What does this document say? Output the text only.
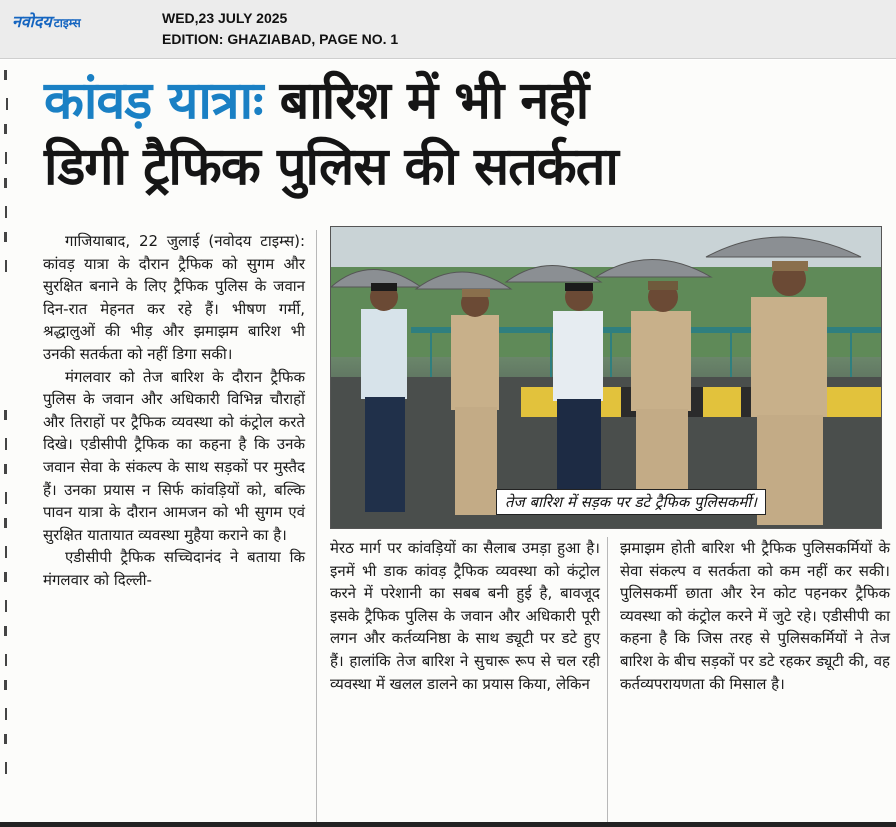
नवोदय टाइम्स	WED,23 JULY 2025
EDITION: GHAZIABAD, PAGE NO. 1
कांवड़ यात्राः बारिश में भी नहीं
डिगी ट्रैफिक पुलिस की सतर्कता

गाजियाबाद, 22 जुलाई (नवोदय टाइम्स): कांवड़ यात्रा के दौरान ट्रैफिक को सुगम और सुरक्षित बनाने के लिए ट्रैफिक पुलिस के जवान दिन-रात मेहनत कर रहे हैं। भीषण गर्मी, श्रद्धालुओं की भीड़ और झमाझम बारिश भी उनकी सतर्कता को नहीं डिगा सकी।

मंगलवार को तेज बारिश के दौरान ट्रैफिक पुलिस के जवान और अधिकारी विभिन्न चौराहों और तिराहों पर ट्रैफिक व्यवस्था को कंट्रोल करते दिखे। एडीसीपी ट्रैफिक का कहना है कि उनके जवान सेवा के संकल्प के साथ सड़कों पर मुस्तैद हैं। उनका प्रयास न सिर्फ कांवड़ियों को, बल्कि पावन यात्रा के दौरान आमजन को भी सुगम एवं सुरक्षित यातायात व्यवस्था मुहैया कराने का है।

एडीसीपी ट्रैफिक सच्चिदानंद ने बताया कि मंगलवार को दिल्ली-

तेज बारिश में सड़क पर डटे ट्रैफिक पुलिसकर्मी।

मेरठ मार्ग पर कांवड़ियों का सैलाब उमड़ा हुआ है। इनमें भी डाक कांवड़ ट्रैफिक व्यवस्था को कंट्रोल करने में परेशानी का सबब बनी हुई है, बावजूद इसके ट्रैफिक पुलिस के जवान और अधिकारी पूरी लगन और कर्तव्यनिष्ठा के साथ ड्यूटी पर डटे हुए हैं। हालांकि तेज बारिश ने सुचारू रूप से चल रही व्यवस्था में खलल डालने का प्रयास किया, लेकिन

झमाझम होती बारिश भी ट्रैफिक पुलिसकर्मियों के सेवा संकल्प व सतर्कता को कम नहीं कर सकी। पुलिसकर्मी छाता और रेन कोट पहनकर ट्रैफिक व्यवस्था को कंट्रोल करने में जुटे रहे। एडीसीपी का कहना है कि जिस तरह से पुलिसकर्मियों ने तेज बारिश के बीच सड़कों पर डटे रहकर ड्यूटी की, वह कर्तव्यपरायणता की मिसाल है।
